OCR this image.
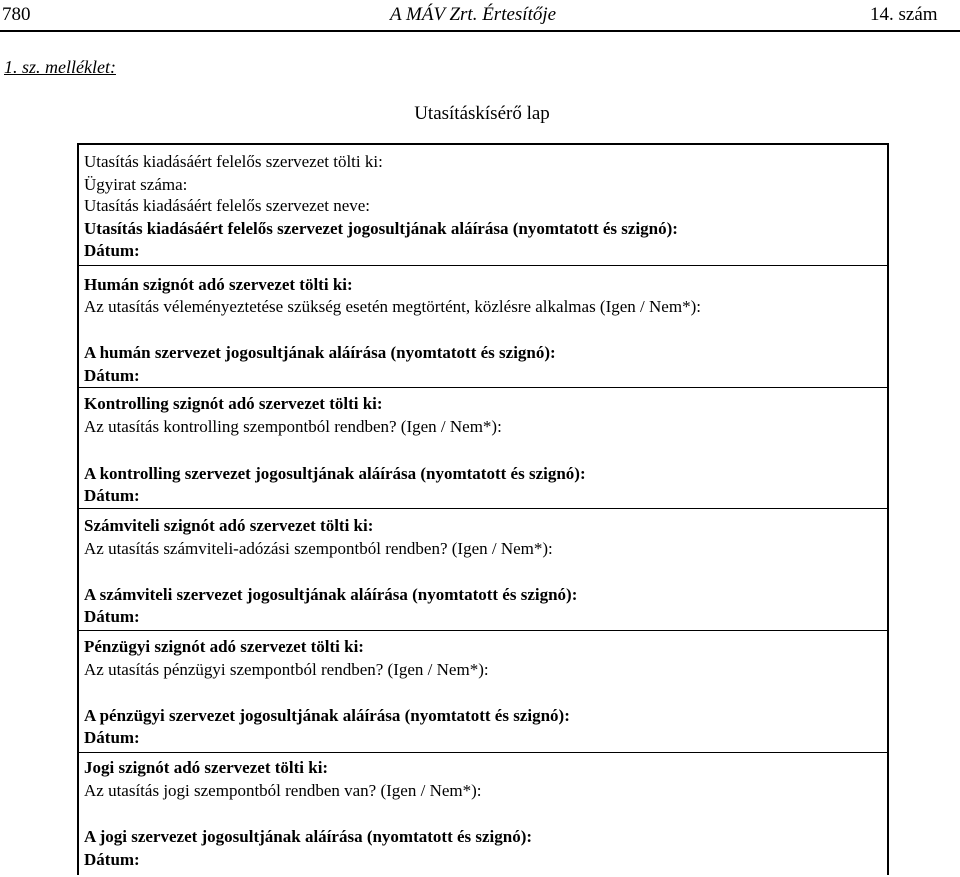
780	A MÁV Zrt. Értesítője	14. szám
1. sz. melléklet:
Utasításkísérő lap
Utasítás kiadásáért felelős szervezet tölti ki:
Ügyirat száma:
Utasítás kiadásáért felelős szervezet neve:
Utasítás kiadásáért felelős szervezet jogosultjának aláírása (nyomtatott és szignó):
Dátum:
Humán szignót adó szervezet tölti ki:
Az utasítás véleményeztetése szükség esetén megtörtént, közlésre alkalmas (Igen / Nem*):
A humán szervezet jogosultjának aláírása (nyomtatott és szignó):
Dátum:
Kontrolling szignót adó szervezet tölti ki:
Az utasítás kontrolling szempontból rendben? (Igen / Nem*):
A kontrolling szervezet jogosultjának aláírása (nyomtatott és szignó):
Dátum:
Számviteli szignót adó szervezet tölti ki:
Az utasítás számviteli-adózási szempontból rendben? (Igen / Nem*):
A számviteli szervezet jogosultjának aláírása (nyomtatott és szignó):
Dátum:
Pénzügyi szignót adó szervezet tölti ki:
Az utasítás pénzügyi szempontból rendben? (Igen / Nem*):
A pénzügyi szervezet jogosultjának aláírása (nyomtatott és szignó):
Dátum:
Jogi szignót adó szervezet tölti ki:
Az utasítás jogi szempontból rendben van? (Igen / Nem*):
A jogi szervezet jogosultjának aláírása (nyomtatott és szignó):
Dátum:
